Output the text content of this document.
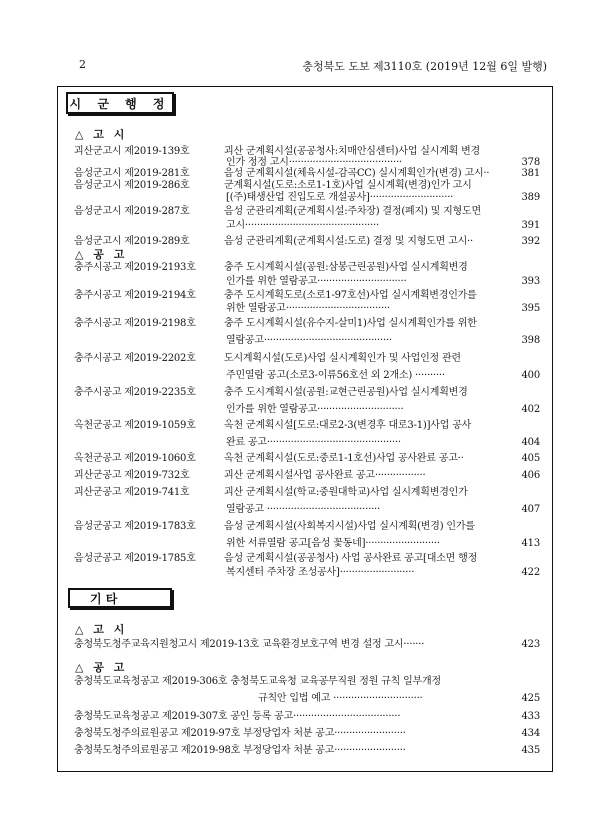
2	충청북도 도보 제3110호 (2019년 12월 6일 발행)
시 군 행 정
△ 고 시
괴산군고시 제2019-139호	괴산 군계획시설(공공청사:치매안심센터)사업 실시계획 변경
인가 정정 고시······································	378
음성군고시 제2019-281호	음성 군계획시설(체육시설-감곡CC) 실시계획인가(변경) 고시··	381
음성군고시 제2019-286호	군계획시설(도로:소로1-1호)사업 실시계획(변경)인가 고시
[(주)태생산업 진입도로 개설공사]····························	389
음성군고시 제2019-287호	음성 군관리계획(군계획시설:주차장) 결정(폐지) 및 지형도면
고시·············································	391
음성군고시 제2019-289호	음성 군관리계획(군계획시설:도로) 결정 및 지형도면 고시··	392
△ 공 고
충주시공고 제2019-2193호	충주 도시계획시설(공원:삼봉근린공원)사업 실시계획변경
인가를 위한 열람공고······························	393
충주시공고 제2019-2194호	충주 도시계획도로(소로1-97호선)사업 실시계획변경인가를
위한 열람공고···································	395
충주시공고 제2019-2198호	충주 도시계획시설(유수지-살미1)사업 실시계획인가를 위한
열람공고···········································	398
충주시공고 제2019-2202호	도시계획시설(도로)사업 실시계획인가 및 사업인정 관련
주민열람 공고(소로3-이류56호선 외 2개소) ··········	400
충주시공고 제2019-2235호	충주 도시계획시설(공원:교현근린공원)사업 실시계획변경
인가를 위한 열람공고·····························	402
옥천군공고 제2019-1059호	옥천 군계획시설[도로:대로2-3(변경후 대로3-1)]사업 공사
완료 공고·············································	404
옥천군공고 제2019-1060호	옥천 군계획시설(도로:중로1-1호선)사업 공사완료 공고··	405
괴산군공고 제2019-732호	괴산 군계획시설사업 공사완료 공고·················	406
괴산군공고 제2019-741호	괴산 군계획시설(학교:중원대학교)사업 실시계획변경인가
열람공고 ······································	407
음성군공고 제2019-1783호	음성 군계획시설(사회복지시설)사업 실시계획(변경) 인가를
위한 서류열람 공고[음성 꽃동네]·························	413
음성군공고 제2019-1785호	음성 군계획시설(공공청사) 사업 공사완료 공고[대소면 행정
복지센터 주차장 조성공사]·························	422
기 타
△ 고 시
충청북도청주교육지원청고시 제2019-13호 교육환경보호구역 변경 설정 고시·······	423
△ 공 고
충청북도교육청공고 제2019-306호 충청북도교육청 교육공무직원 정원 규칙 일부개정
규칙안 입법 예고 ······························	425
충청북도교육청공고 제2019-307호 공인 등록 공고····································	433
충청북도청주의료원공고 제2019-97호 부정당업자 처분 공고························	434
충청북도청주의료원공고 제2019-98호 부정당업자 처분 공고························	435
